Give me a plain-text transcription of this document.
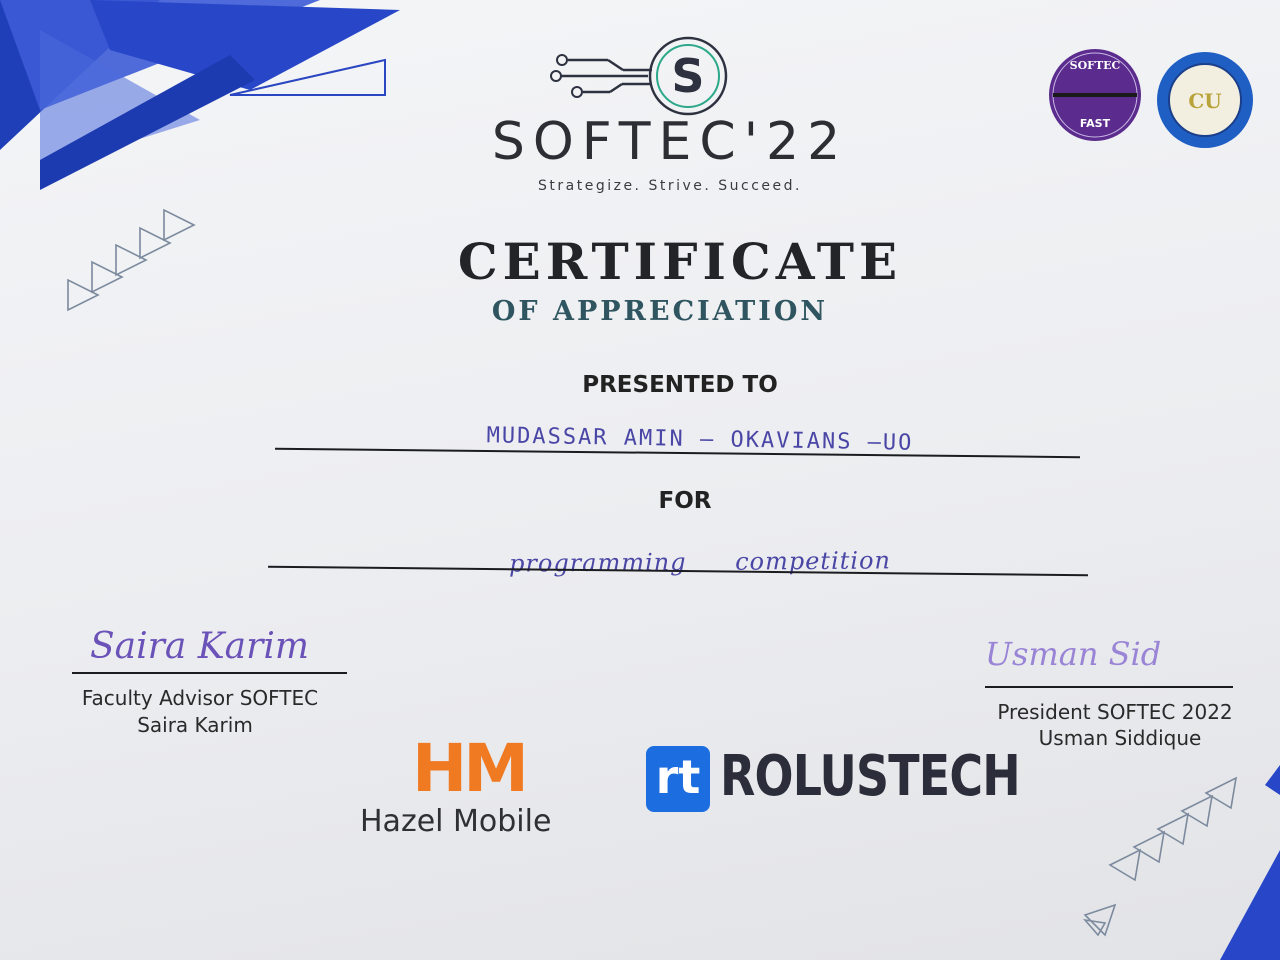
S
SOFTEC'22
Strategize. Strive. Succeed.
SOFTEC
FAST
CU
CERTIFICATE
OF APPRECIATION
PRESENTED TO
MUDASSAR AMIN – OKAVIANS –UO
FOR
programming competition
Saira Karim
Faculty Advisor SOFTEC
Saira Karim
Usman Sid
President SOFTEC 2022
Usman Siddique
HM
Hazel Mobile
rt ROLUSTECH
